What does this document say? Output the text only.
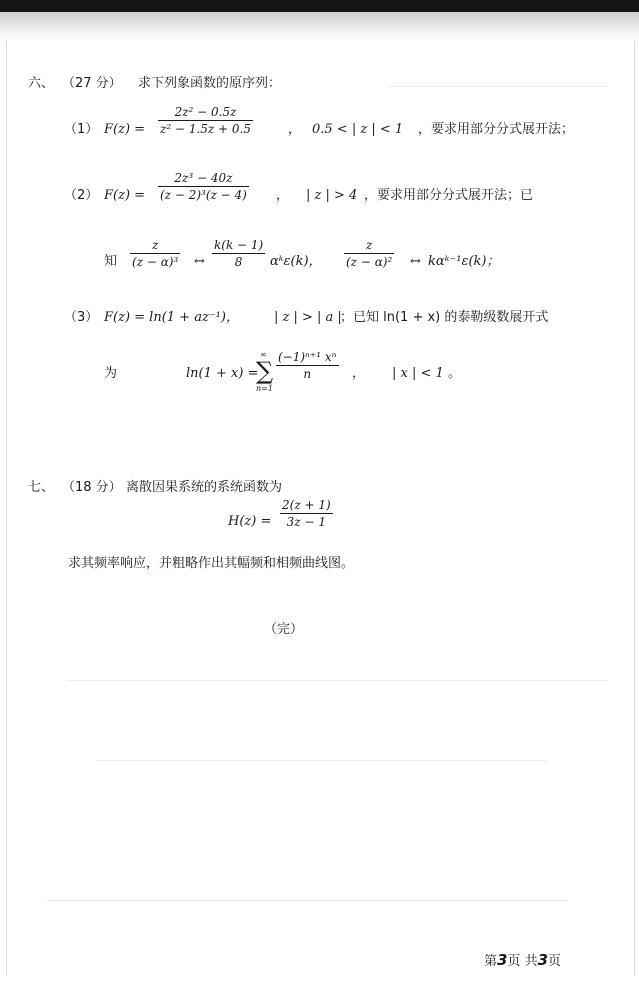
六、 （27 分） 求下列象函数的原序列：
（1） $F(z) = \frac{\text{2z² − 0.5z}}{\text{z² − 1.5z + 0.5}}$	， 0.5 < | z | < 1 ，要求用部分分式展开法；
（2） $F(z) = \frac{\text{2z³ − 40z}}{\text{(z − 2)³(z − 4)}}$ ， | z | > 4 ，要求用部分分式展开法；已
知 $\frac{z}{\text{(z − α)³}}$ ↔ $\frac{k(k - 1)}{8}$ αᵏε(k)， $\frac{z}{\text{(z − α)²}}$ ↔ kαᵏ⁻¹ε(k)；
（3） F(z) = ln(1 + az⁻¹)，	| z | > | a |
；已知 ln(1 + x) 的泰勒级数展开式
为	ln(1 + x) =
∞
∑
n=1
$\frac{\text{(−1)ⁿ⁺¹ xⁿ}}{n}$ ， | x | < 1 。
七、 （18 分） 离散因果系统的系统函数为
$H(z) = \frac{2(z + 1)}{3z - 1}$
求其频率响应，并粗略作出其幅频和相频曲线图。
（完）
第3页 共3页
